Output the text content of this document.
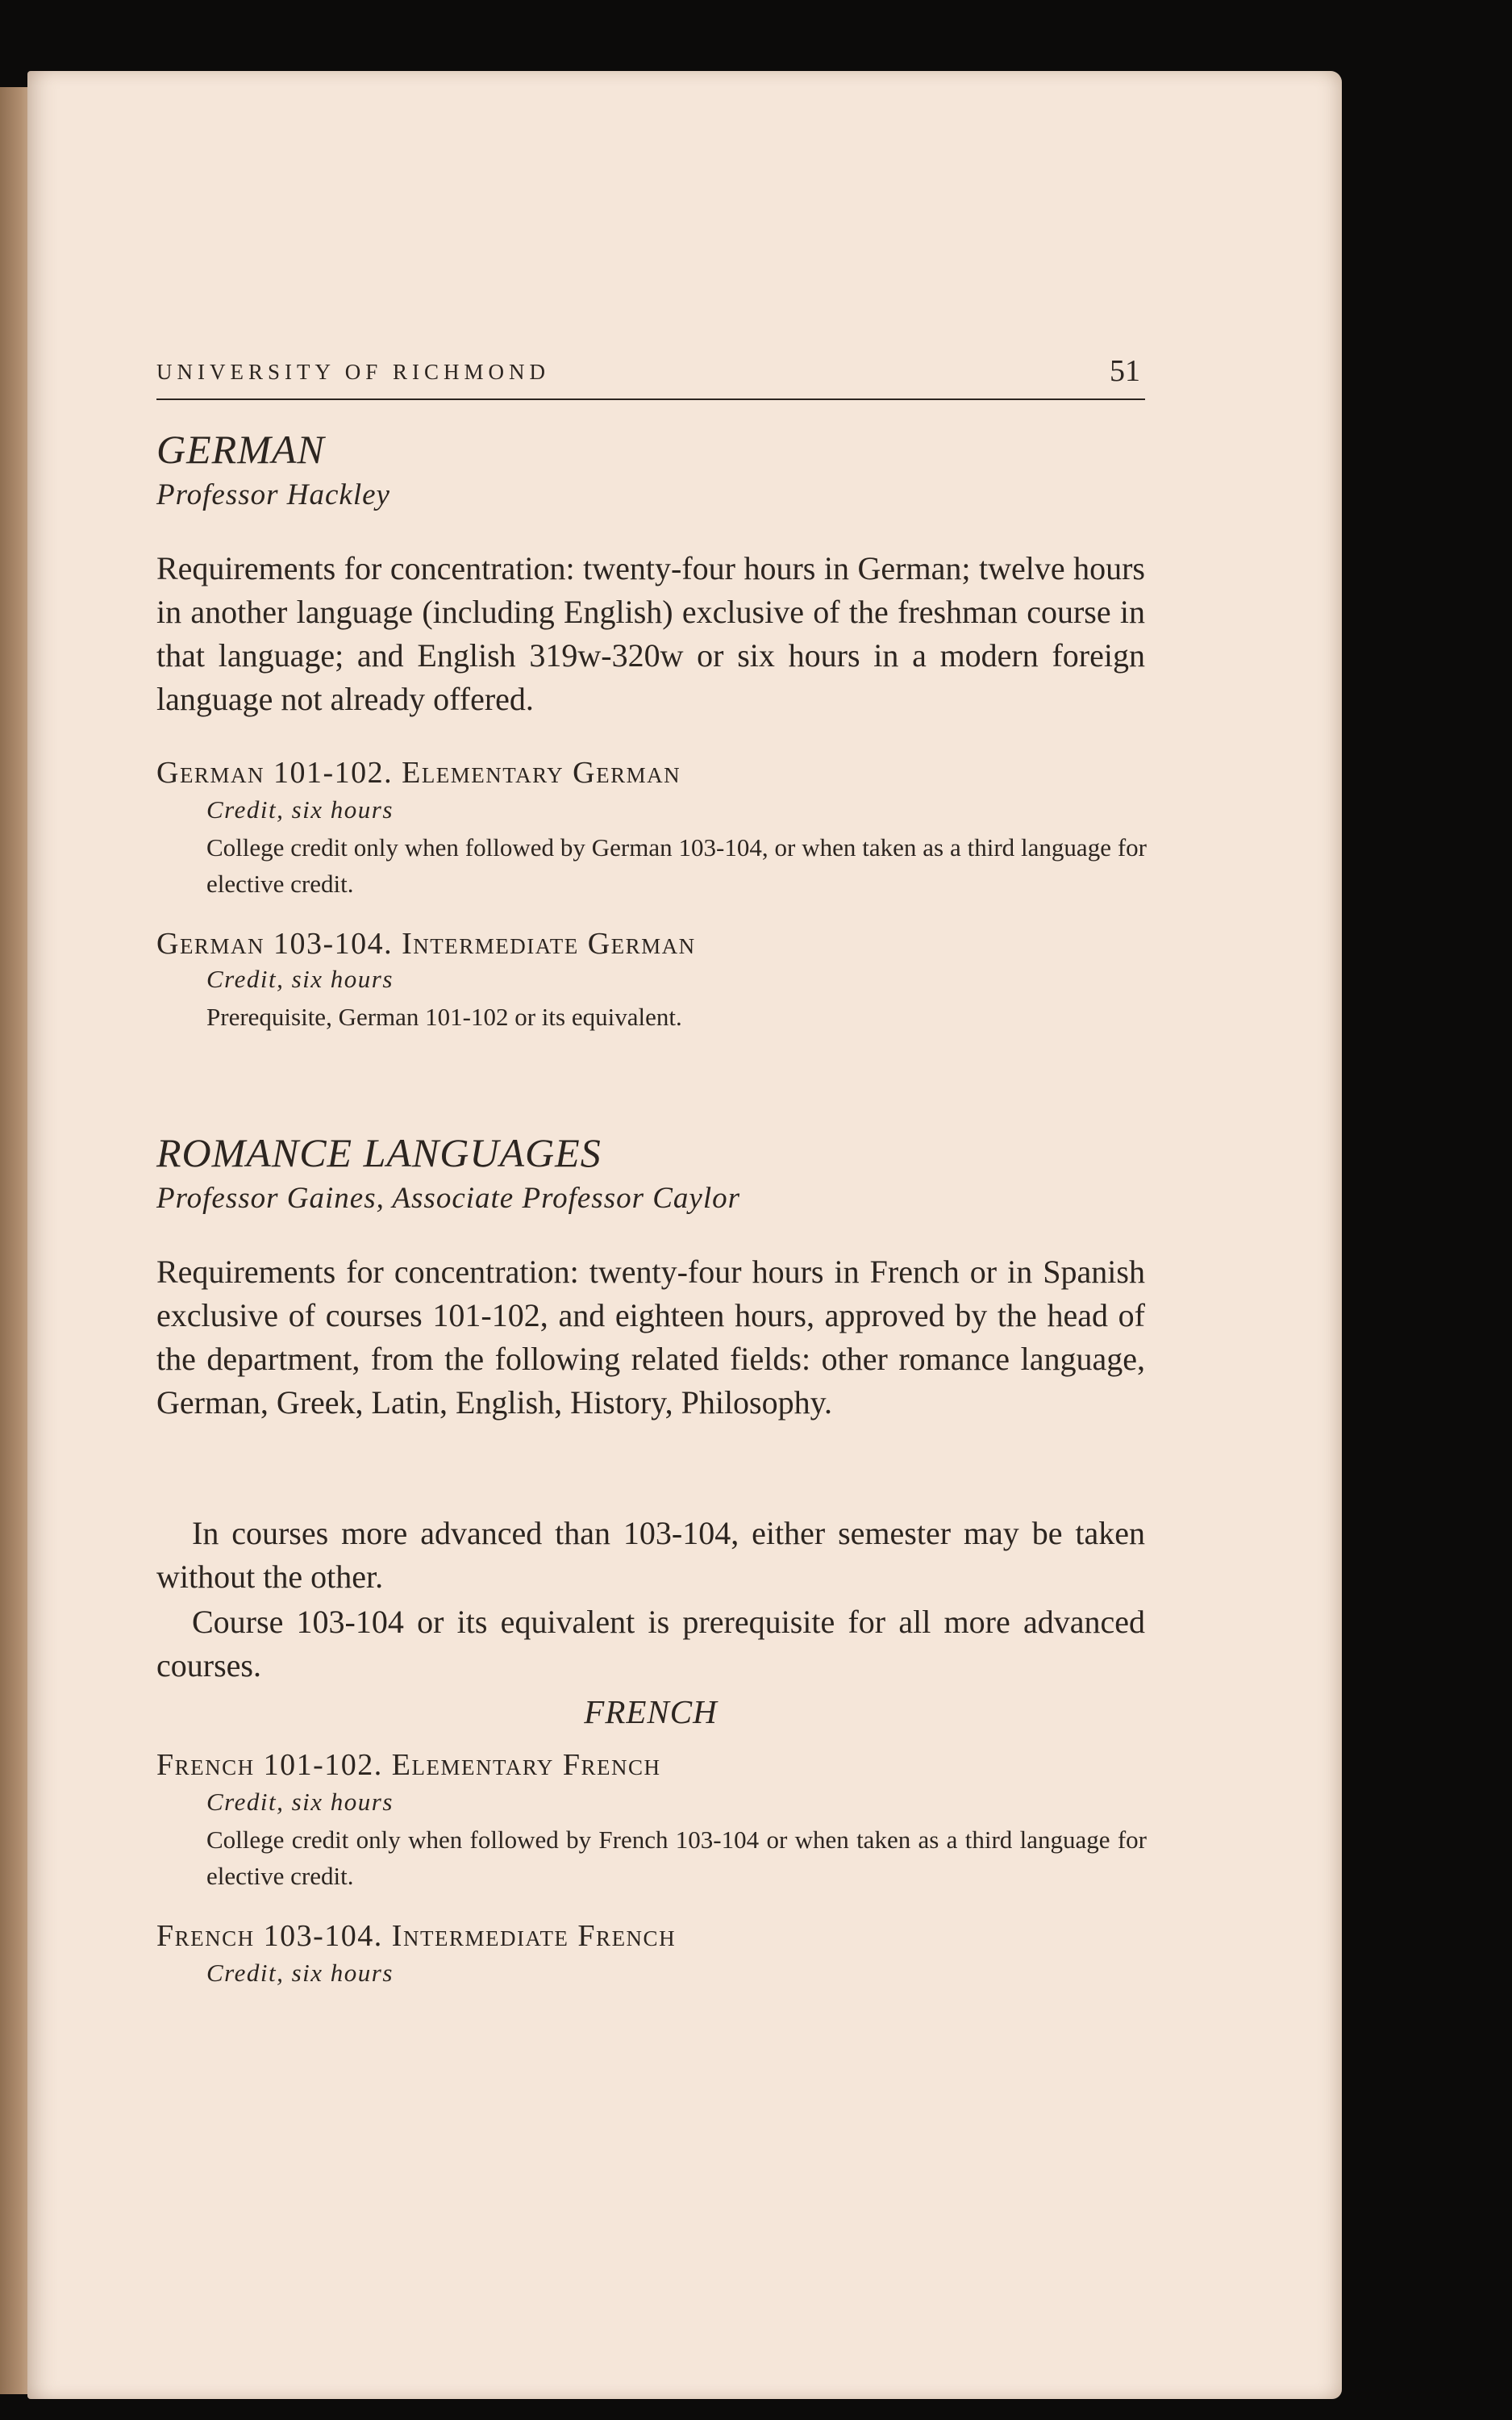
UNIVERSITY OF RICHMOND	51
GERMAN
Professor Hackley

Requirements for concentration: twenty-four hours in German; twelve hours in another language (including English) exclusive of the freshman course in that language; and English 319w-320w or six hours in a modern foreign language not already offered.

German 101-102. Elementary German
Credit, six hours

College credit only when followed by German 103-104, or when taken as a third language for elective credit.

German 103-104. Intermediate German
Credit, six hours

Prerequisite, German 101-102 or its equivalent.

ROMANCE LANGUAGES
Professor Gaines, Associate Professor Caylor

Requirements for concentration: twenty-four hours in French or in Spanish exclusive of courses 101-102, and eighteen hours, approved by the head of the department, from the following related fields: other romance language, German, Greek, Latin, English, History, Philosophy.

In courses more advanced than 103-104, either semester may be taken without the other.

Course 103-104 or its equivalent is prerequisite for all more advanced courses.

FRENCH
French 101-102. Elementary French
Credit, six hours

College credit only when followed by French 103-104 or when taken as a third language for elective credit.

French 103-104. Intermediate French
Credit, six hours
